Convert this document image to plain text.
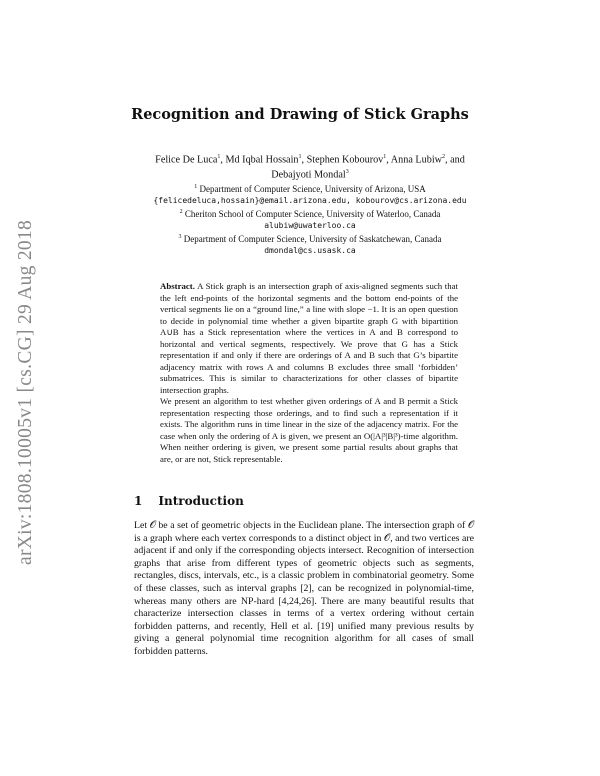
arXiv:1808.10005v1 [cs.CG] 29 Aug 2018
Recognition and Drawing of Stick Graphs
Felice De Luca$^1$, Md Iqbal Hossain$^1$, Stephen Kobourov$^1$, Anna Lubiw$^2$, and
Debajyoti Mondal$^3$
$^1$ Department of Computer Science, University of Arizona, USA
{felicedeluca,hossain}@email.arizona.edu, kobourov@cs.arizona.edu
$^2$ Cheriton School of Computer Science, University of Waterloo, Canada
alubiw@uwaterloo.ca
$^3$ Department of Computer Science, University of Saskatchewan, Canada
dmondal@cs.usask.ca

Abstract. A Stick graph is an intersection graph of axis-aligned segments such that the left end-points of the horizontal segments and the bottom end-points of the vertical segments lie on a “ground line,” a line with slope −1. It is an open question to decide in polynomial time whether a given bipartite graph G with bipartition A∪B has a Stick representation where the vertices in A and B correspond to horizontal and vertical segments, respectively. We prove that G has a Stick representation if and only if there are orderings of A and B such that G’s bipartite adjacency matrix with rows A and columns B excludes three small ‘forbidden’ submatrices. This is similar to characterizations for other classes of bipartite intersection graphs.

We present an algorithm to test whether given orderings of A and B permit a Stick representation respecting those orderings, and to find such a representation if it exists. The algorithm runs in time linear in the size of the adjacency matrix. For the case when only the ordering of A is given, we present an O(|A|³|B|³)-time algorithm. When neither ordering is given, we present some partial results about graphs that are, or are not, Stick representable.

1 Introduction

Let 𝒪 be a set of geometric objects in the Euclidean plane. The intersection graph of 𝒪 is a graph where each vertex corresponds to a distinct object in 𝒪, and two vertices are adjacent if and only if the corresponding objects intersect. Recognition of intersection graphs that arise from different types of geometric objects such as segments, rectangles, discs, intervals, etc., is a classic problem in combinatorial geometry. Some of these classes, such as interval graphs [2], can be recognized in polynomial-time, whereas many others are NP-hard [4,24,26]. There are many beautiful results that characterize intersection classes in terms of a vertex ordering without certain forbidden patterns, and recently, Hell et al. [19] unified many previous results by giving a general polynomial time recognition algorithm for all cases of small forbidden patterns.
